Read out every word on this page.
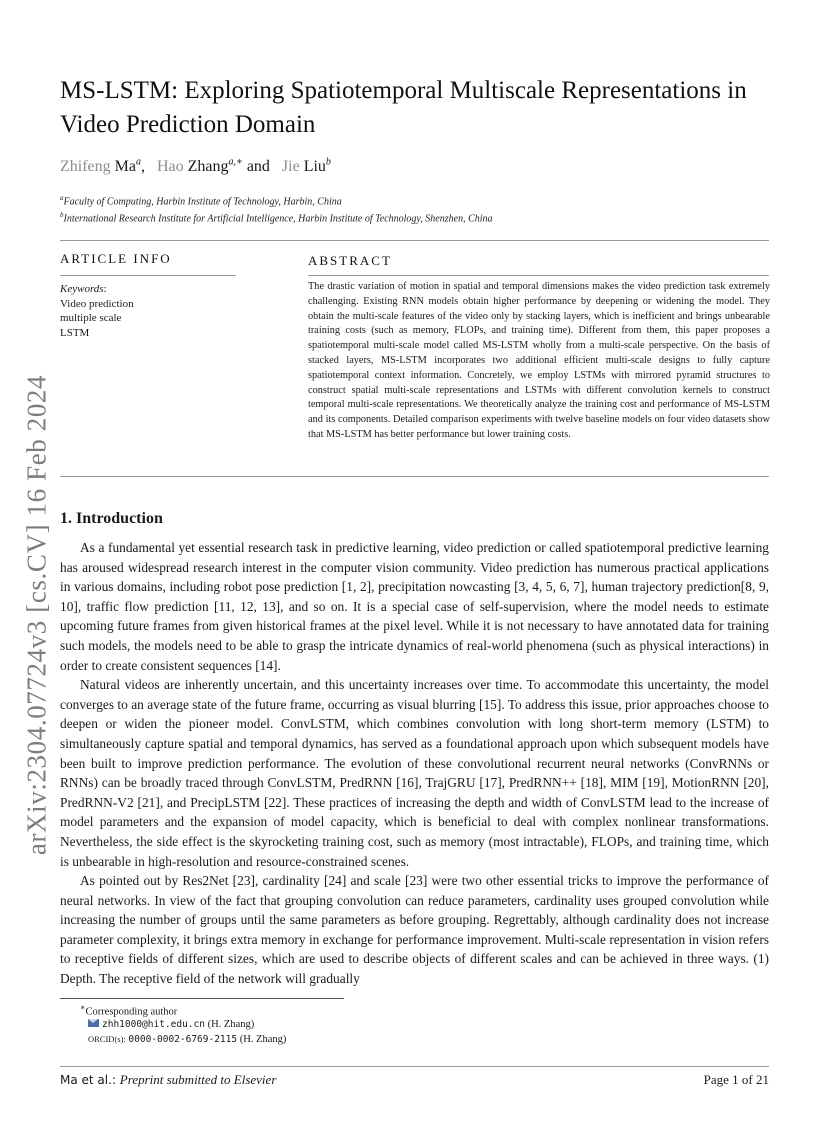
arXiv:2304.07724v3 [cs.CV] 16 Feb 2024
MS-LSTM: Exploring Spatiotemporal Multiscale Representations in Video Prediction Domain
Zhifeng Ma$^a$,   Hao Zhang$^{a,∗}$ and   Jie Liu$^b$
$^a$Faculty of Computing, Harbin Institute of Technology, Harbin, China
$^b$International Research Institute for Artificial Intelligence, Harbin Institute of Technology, Shenzhen, China
ARTICLE INFO
Keywords:
Video prediction
multiple scale
LSTM
ABSTRACT
The drastic variation of motion in spatial and temporal dimensions makes the video prediction task extremely challenging. Existing RNN models obtain higher performance by deepening or widening the model. They obtain the multi-scale features of the video only by stacking layers, which is inefficient and brings unbearable training costs (such as memory, FLOPs, and training time). Different from them, this paper proposes a spatiotemporal multi-scale model called MS-LSTM wholly from a multi-scale perspective. On the basis of stacked layers, MS-LSTM incorporates two additional efficient multi-scale designs to fully capture spatiotemporal context information. Concretely, we employ LSTMs with mirrored pyramid structures to construct spatial multi-scale representations and LSTMs with different convolution kernels to construct temporal multi-scale representations. We theoretically analyze the training cost and performance of MS-LSTM and its components. Detailed comparison experiments with twelve baseline models on four video datasets show that MS-LSTM has better performance but lower training costs.
1. Introduction

As a fundamental yet essential research task in predictive learning, video prediction or called spatiotemporal predictive learning has aroused widespread research interest in the computer vision community. Video prediction has numerous practical applications in various domains, including robot pose prediction [1, 2], precipitation nowcasting [3, 4, 5, 6, 7], human trajectory prediction[8, 9, 10], traffic flow prediction [11, 12, 13], and so on. It is a special case of self-supervision, where the model needs to estimate upcoming future frames from given historical frames at the pixel level. While it is not necessary to have annotated data for training such models, the models need to be able to grasp the intricate dynamics of real-world phenomena (such as physical interactions) in order to create consistent sequences [14].

Natural videos are inherently uncertain, and this uncertainty increases over time. To accommodate this uncertainty, the model converges to an average state of the future frame, occurring as visual blurring [15]. To address this issue, prior approaches choose to deepen or widen the pioneer model. ConvLSTM, which combines convolution with long short-term memory (LSTM) to simultaneously capture spatial and temporal dynamics, has served as a foundational approach upon which subsequent models have been built to improve prediction performance. The evolution of these convolutional recurrent neural networks (ConvRNNs or RNNs) can be broadly traced through ConvLSTM, PredRNN [16], TrajGRU [17], PredRNN++ [18], MIM [19], MotionRNN [20], PredRNN-V2 [21], and PrecipLSTM [22]. These practices of increasing the depth and width of ConvLSTM lead to the increase of model parameters and the expansion of model capacity, which is beneficial to deal with complex nonlinear transformations. Nevertheless, the side effect is the skyrocketing training cost, such as memory (most intractable), FLOPs, and training time, which is unbearable in high-resolution and resource-constrained scenes.

As pointed out by Res2Net [23], cardinality [24] and scale [23] were two other essential tricks to improve the performance of neural networks. In view of the fact that grouping convolution can reduce parameters, cardinality uses grouped convolution while increasing the number of groups until the same parameters as before grouping. Regrettably, although cardinality does not increase parameter complexity, it brings extra memory in exchange for performance improvement. Multi-scale representation in vision refers to receptive fields of different sizes, which are used to describe objects of different scales and can be achieved in three ways. (1) Depth. The receptive field of the network will gradually

∗Corresponding author
zhh1000@hit.edu.cn (H. Zhang)
ORCID(s): 0000-0002-6769-2115 (H. Zhang)
Ma et al.: Preprint submitted to Elsevier	Page 1 of 21
